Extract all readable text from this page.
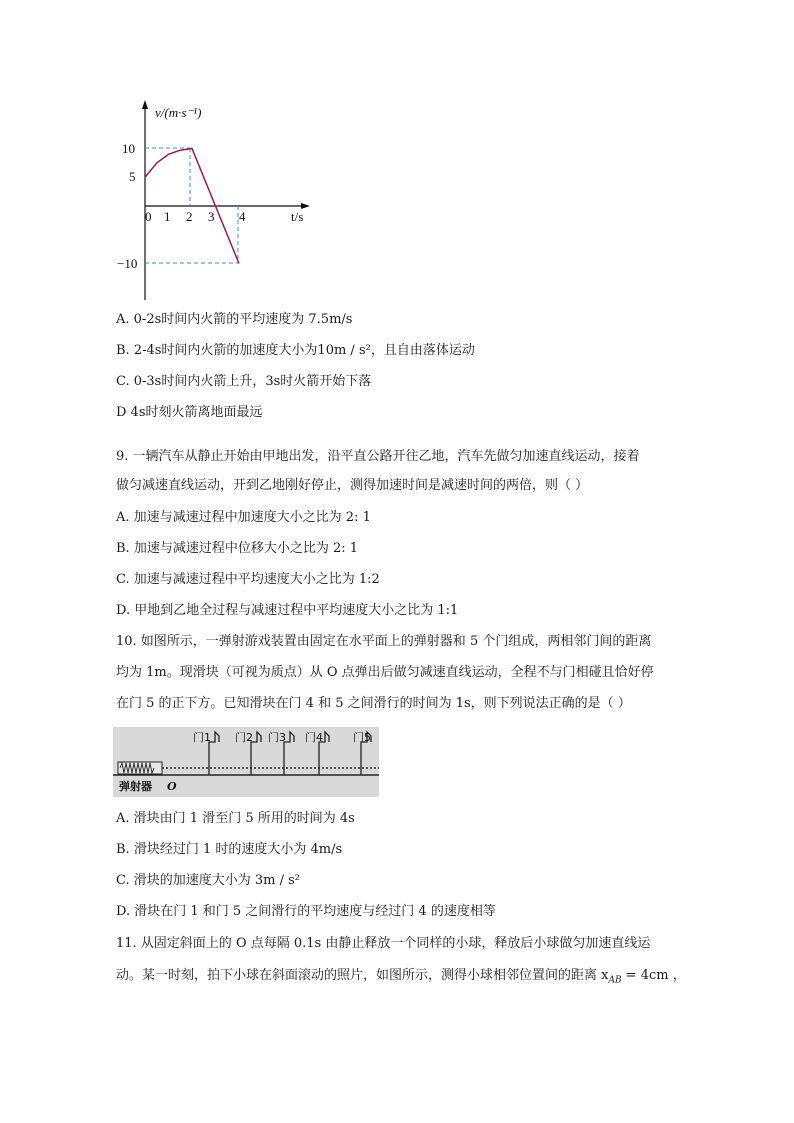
v/(m·s⁻¹)
t/s
10
5
−10
0 1 2 3 4
A. 0-2s时间内火箭的平均速度为 7.5m/s
B. 2-4s时间内火箭的加速度大小为10m / s²，且自由落体运动
C. 0-3s时间内火箭上升，3s时火箭开始下落
D 4s时刻火箭离地面最远
9. 一辆汽车从静止开始由甲地出发，沿平直公路开往乙地，汽车先做匀加速直线运动，接着
做匀减速直线运动，开到乙地刚好停止，测得加速时间是减速时间的两倍，则（ ）
A. 加速与减速过程中加速度大小之比为 2: 1
B. 加速与减速过程中位移大小之比为 2: 1
C. 加速与减速过程中平均速度大小之比为 1:2
D. 甲地到乙地全过程与减速过程中平均速度大小之比为 1:1
10. 如图所示，一弹射游戏装置由固定在水平面上的弹射器和 5 个门组成，两相邻门间的距离
均为 1m。现滑块（可视为质点）从 O 点弹出后做匀减速直线运动，全程不与门相碰且恰好停
在门 5 的正下方。已知滑块在门 4 和 5 之间滑行的时间为 1s，则下列说法正确的是（ ）
门1 门2 门3 门4	门5
弹射器 O
A. 滑块由门 1 滑至门 5 所用的时间为 4s
B. 滑块经过门 1 时的速度大小为 4m/s
C. 滑块的加速度大小为 3m / s²
D. 滑块在门 1 和门 5 之间滑行的平均速度与经过门 4 的速度相等
11. 从固定斜面上的 O 点每隔 0.1s 由静止释放一个同样的小球，释放后小球做匀加速直线运
动。某一时刻，拍下小球在斜面滚动的照片，如图所示，测得小球相邻位置间的距离 $x_{AB} = 4cm$ ，
